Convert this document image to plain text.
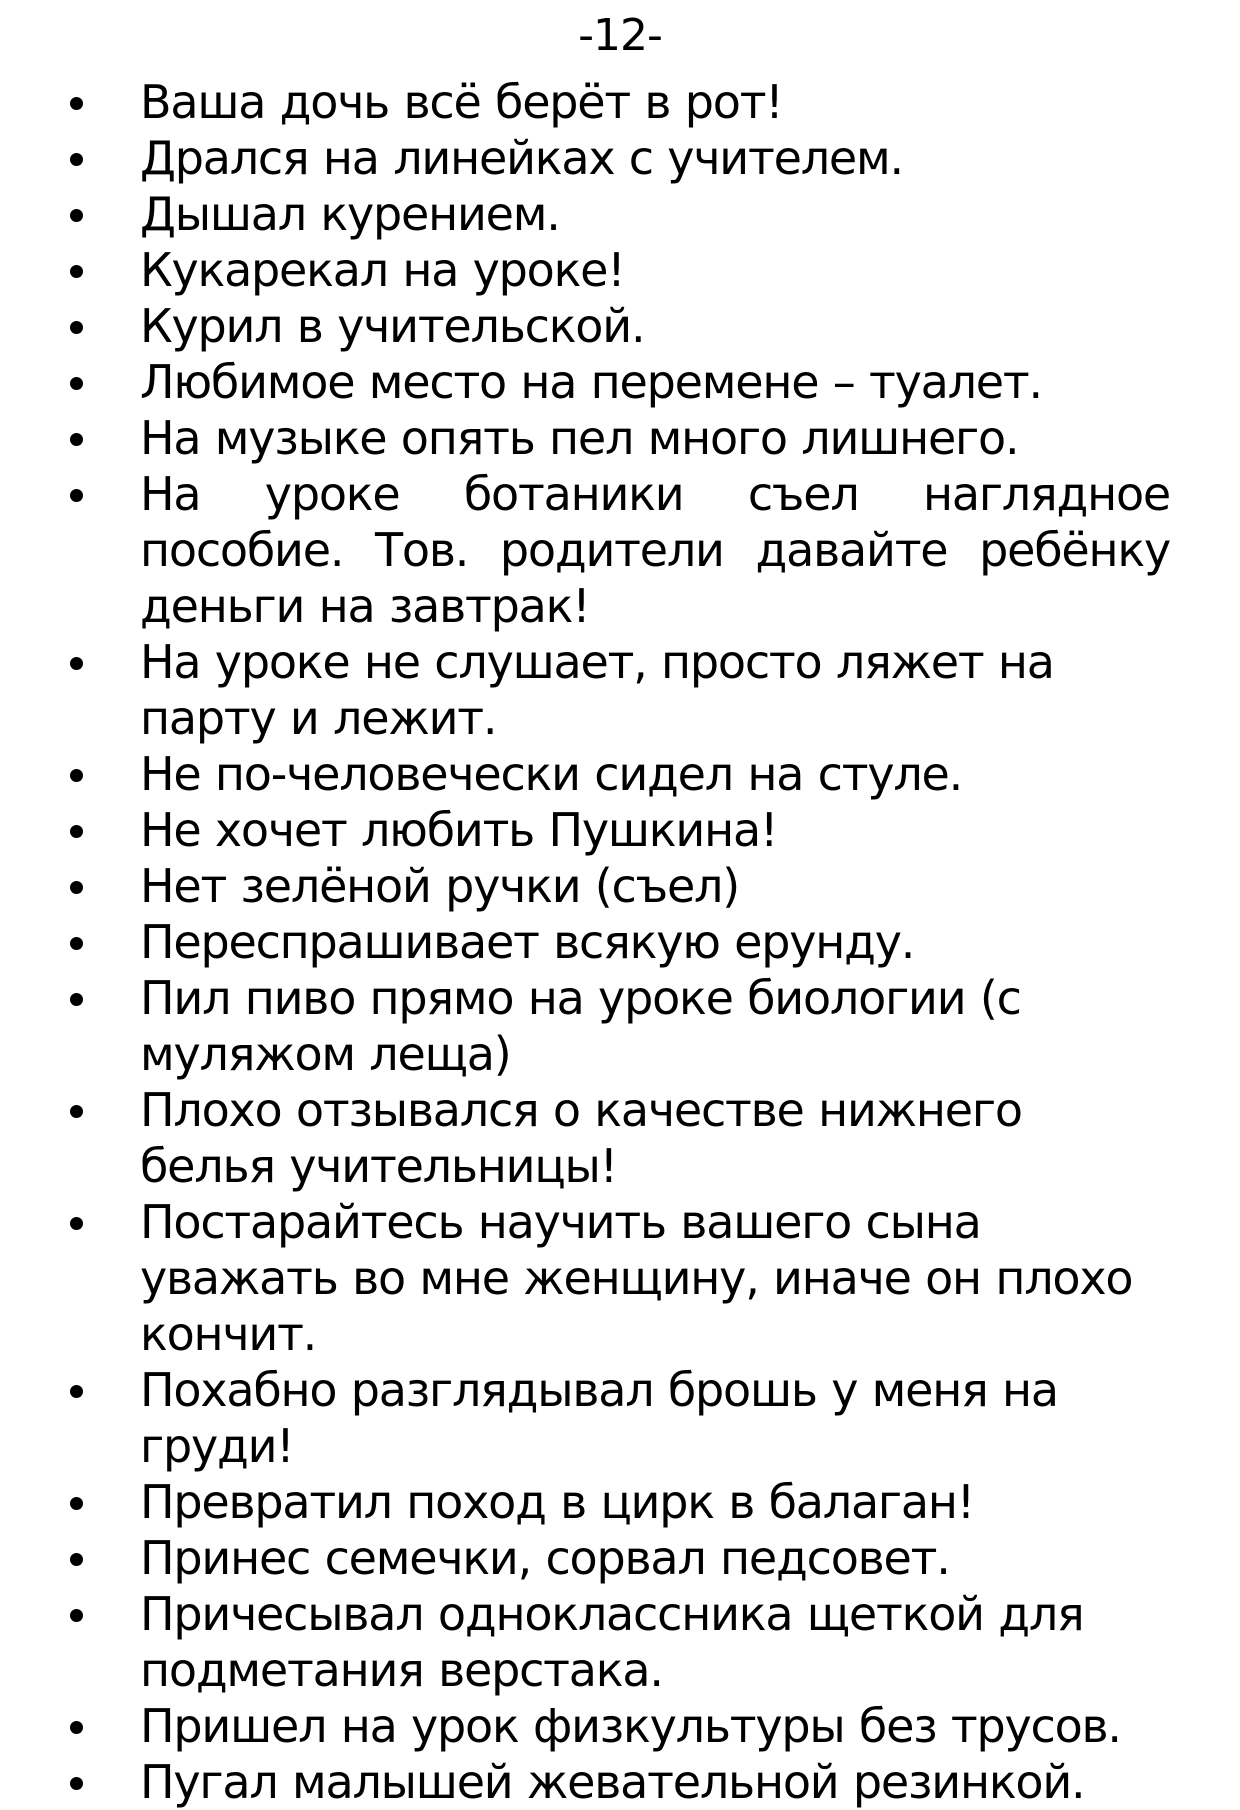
-12-
Ваша дочь всё берёт в рот!
Дрался на линейках с учителем.
Дышал курением.
Кукарекал на уроке!
Курил в учительской.
Любимое место на перемене – туалет.
На музыке опять пел много лишнего.
На уроке ботаники съел наглядное пособие. Тов. родители давайте ребёнку деньги на завтрак!
На уроке не слушает, просто ляжет на парту и лежит.
Не по-человечески сидел на стуле.
Не хочет любить Пушкина!
Нет зелёной ручки (съел)
Переспрашивает всякую ерунду.
Пил пиво прямо на уроке биологии (с муляжом леща)
Плохо отзывался о качестве нижнего белья учительницы!
Постарайтесь научить вашего сына уважать во мне женщину, иначе он плохо кончит.
Похабно разглядывал брошь у меня на груди!
Превратил поход в цирк в балаган!
Принес семечки, сорвал педсовет.
Причесывал одноклассника щеткой для подметания верстака.
Пришел на урок физкультуры без трусов.
Пугал малышей жевательной резинкой.
